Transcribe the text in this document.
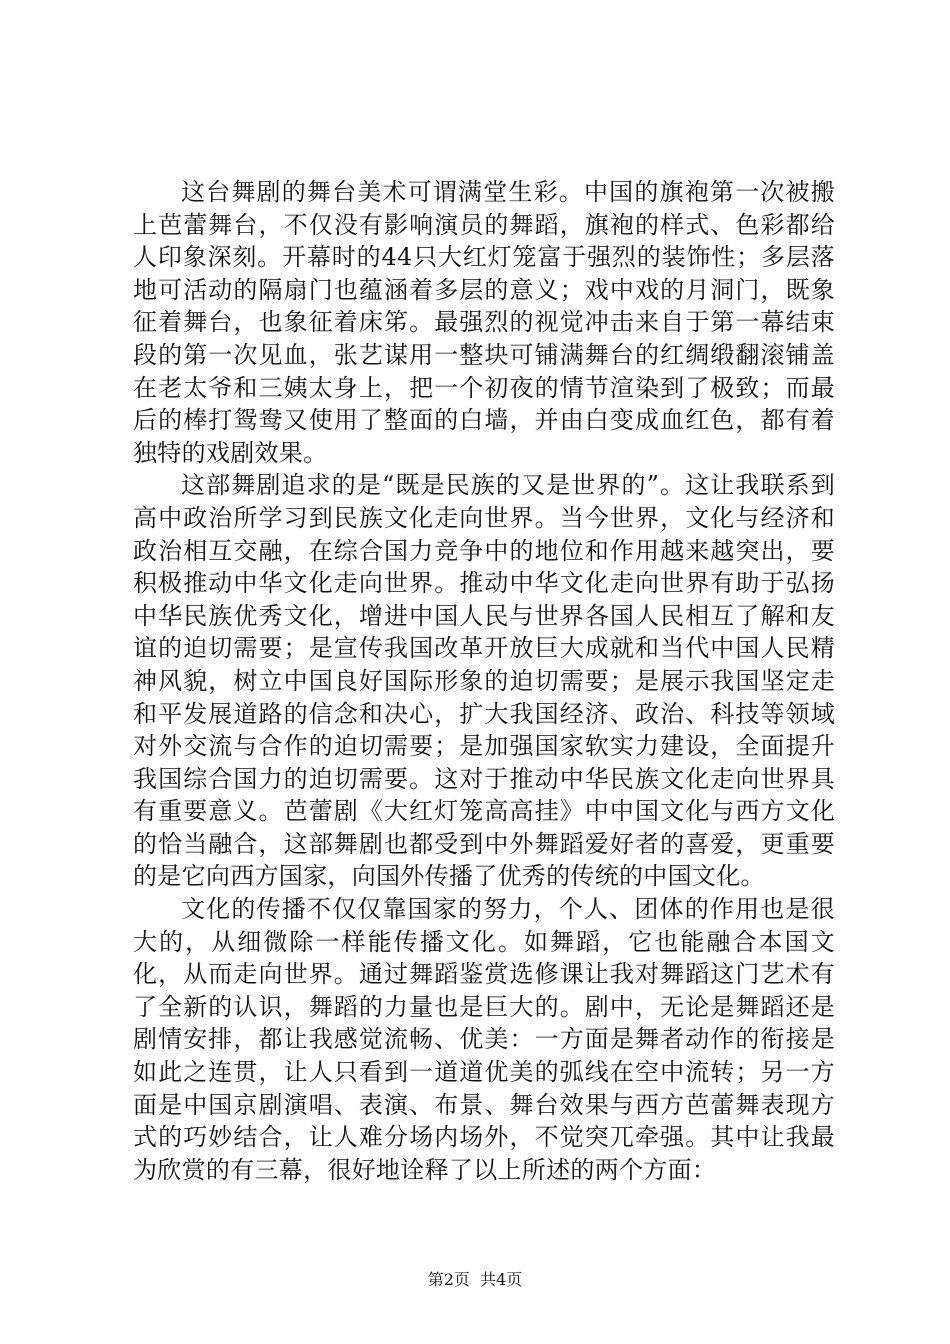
这台舞剧的舞台美术可谓满堂生彩。中国的旗袍第一次被搬上芭蕾舞台，不仅没有影响演员的舞蹈，旗袍的样式、色彩都给人印象深刻。开幕时的44只大红灯笼富于强烈的装饰性；多层落地可活动的隔扇门也蕴涵着多层的意义；戏中戏的月洞门，既象征着舞台，也象征着床笫。最强烈的视觉冲击来自于第一幕结束段的第一次见血，张艺谋用一整块可铺满舞台的红绸缎翻滚铺盖在老太爷和三姨太身上，把一个初夜的情节渲染到了极致；而最后的棒打鸳鸯又使用了整面的白墙，并由白变成血红色，都有着独特的戏剧效果。

这部舞剧追求的是“既是民族的又是世界的”。这让我联系到高中政治所学习到民族文化走向世界。当今世界，文化与经济和政治相互交融，在综合国力竞争中的地位和作用越来越突出，要积极推动中华文化走向世界。推动中华文化走向世界有助于弘扬中华民族优秀文化，增进中国人民与世界各国人民相互了解和友谊的迫切需要；是宣传我国改革开放巨大成就和当代中国人民精神风貌，树立中国良好国际形象的迫切需要；是展示我国坚定走和平发展道路的信念和决心，扩大我国经济、政治、科技等领域对外交流与合作的迫切需要；是加强国家软实力建设，全面提升我国综合国力的迫切需要。这对于推动中华民族文化走向世界具有重要意义。芭蕾剧《大红灯笼高高挂》中中国文化与西方文化的恰当融合，这部舞剧也都受到中外舞蹈爱好者的喜爱，更重要的是它向西方国家，向国外传播了优秀的传统的中国文化。

文化的传播不仅仅靠国家的努力，个人、团体的作用也是很大的，从细微除一样能传播文化。如舞蹈，它也能融合本国文化，从而走向世界。通过舞蹈鉴赏选修课让我对舞蹈这门艺术有了全新的认识，舞蹈的力量也是巨大的。剧中，无论是舞蹈还是剧情安排，都让我感觉流畅、优美：一方面是舞者动作的衔接是如此之连贯，让人只看到一道道优美的弧线在空中流转；另一方面是中国京剧演唱、表演、布景、舞台效果与西方芭蕾舞表现方式的巧妙结合，让人难分场内场外，不觉突兀牵强。其中让我最为欣赏的有三幕，很好地诠释了以上所述的两个方面：

第2页  共4页
